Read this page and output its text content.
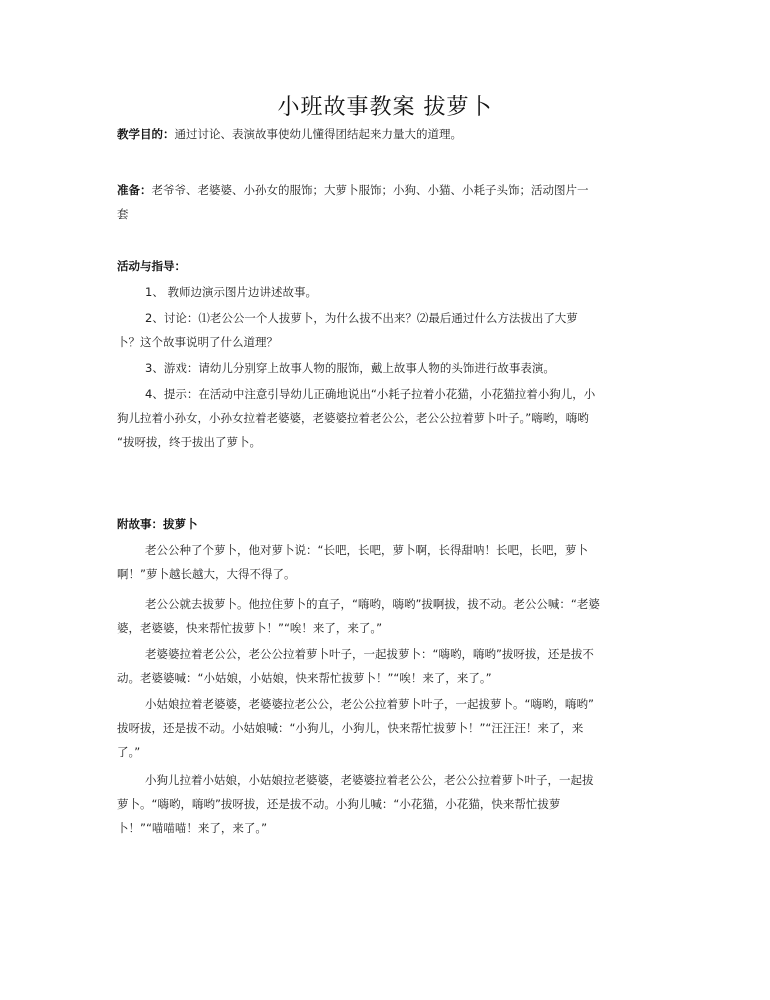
小班故事教案 拔萝卜
教学目的：通过讨论、表演故事使幼儿懂得团结起来力量大的道理。
准备：老爷爷、老婆婆、小孙女的服饰；大萝卜服饰；小狗、小猫、小耗子头饰；活动图片一
套
活动与指导：
1、 教师边演示图片边讲述故事。
2、讨论：⑴老公公一个人拔萝卜，为什么拔不出来？⑵最后通过什么方法拔出了大萝
卜？这个故事说明了什么道理？
3、游戏：请幼儿分别穿上故事人物的服饰，戴上故事人物的头饰进行故事表演。
4、提示：在活动中注意引导幼儿正确地说出“小耗子拉着小花猫，小花猫拉着小狗儿，小
狗儿拉着小孙女，小孙女拉着老婆婆，老婆婆拉着老公公，老公公拉着萝卜叶子。”嗨哟，嗨哟
“拔呀拔，终于拔出了萝卜。
附故事：拔萝卜
老公公种了个萝卜，他对萝卜说：“长吧，长吧，萝卜啊，长得甜呐！长吧，长吧，萝卜
啊！”萝卜越长越大，大得不得了。
老公公就去拔萝卜。他拉住萝卜的直子，“嗨哟，嗨哟”拔啊拔，拔不动。老公公喊：“老婆
婆，老婆婆，快来帮忙拔萝卜！”“唉！来了，来了。”
老婆婆拉着老公公，老公公拉着萝卜叶子，一起拔萝卜：“嗨哟，嗨哟”拔呀拔，还是拔不
动。老婆婆喊：“小姑娘，小姑娘，快来帮忙拔萝卜！”“唉！来了，来了。”
小姑娘拉着老婆婆，老婆婆拉老公公，老公公拉着萝卜叶子，一起拔萝卜。“嗨哟，嗨哟”
拔呀拔，还是拔不动。小姑娘喊：“小狗儿，小狗儿，快来帮忙拔萝卜！”“汪汪汪！来了，来
了。”
小狗儿拉着小姑娘，小姑娘拉老婆婆，老婆婆拉着老公公，老公公拉着萝卜叶子，一起拔
萝卜。“嗨哟，嗨哟”拔呀拔，还是拔不动。小狗儿喊：“小花猫，小花猫，快来帮忙拔萝
卜！”“喵喵喵！来了，来了。”
